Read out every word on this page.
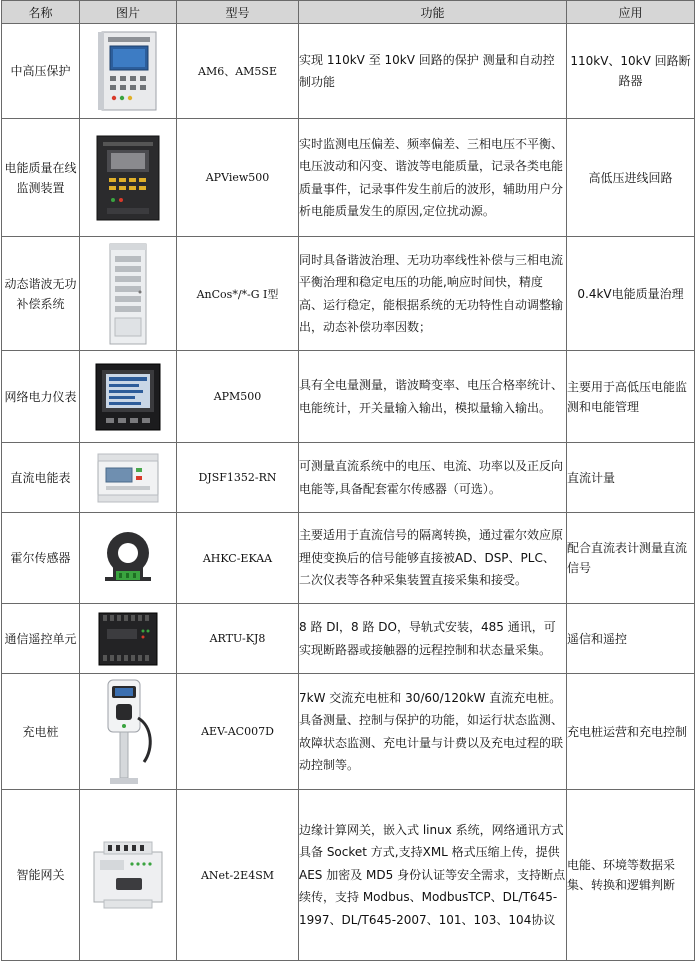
名称	图片	型号	功能	应用
中高压保护		AM6、AM5SE	实现 110kV 至 10kV 回路的保护 测量和自动控制功能	110kV、10kV 回路断路器
电能质量在线监测装置		APView500	实时监测电压偏差、频率偏差、三相电压不平衡、电压波动和闪变、谐波等电能质量，记录各类电能质量事件，记录事件发生前后的波形，辅助用户分析电能质量发生的原因,定位扰动源。	高低压进线回路
动态谐波无功补偿系统		AnCos*/*-G Ⅰ型	同时具备谐波治理、无功功率线性补偿与三相电流平衡治理和稳定电压的功能,响应时间快，精度高、运行稳定，能根据系统的无功特性自动调整输出，动态补偿功率因数；	0.4kV电能质量治理
网络电力仪表		APM500	具有全电量测量，谐波畸变率、电压合格率统计、电能统计，开关量输入输出，模拟量输入输出。	主要用于高低压电能监测和电能管理
直流电能表		DJSF1352-RN	可测量直流系统中的电压、电流、功率以及正反向电能等,具备配套霍尔传感器（可选）。	直流计量
霍尔传感器		AHKC-EKAA	主要适用于直流信号的隔离转换，通过霍尔效应原理使变换后的信号能够直接被AD、DSP、PLC、二次仪表等各种采集装置直接采集和接受。	配合直流表计测量直流信号
通信遥控单元		ARTU-KJ8	8 路 DI，8 路 DO，导轨式安装，485 通讯，可实现断路器或接触器的远程控制和状态量采集。	遥信和遥控
充电桩		AEV-AC007D	7kW 交流充电桩和 30/60/120kW 直流充电桩。具备测量、控制与保护的功能，如运行状态监测、故障状态监测、充电计量与计费以及充电过程的联动控制等。	充电桩运营和充电控制
智能网关		ANet-2E4SM	边缘计算网关，嵌入式 linux 系统，网络通讯方式具备 Socket 方式,支持XML 格式压缩上传，提供 AES 加密及 MD5 身份认证等安全需求，支持断点续传，支持 Modbus、ModbusTCP、DL/T645-1997、DL/T645-2007、101、103、104协议	电能、环境等数据采集、转换和逻辑判断
